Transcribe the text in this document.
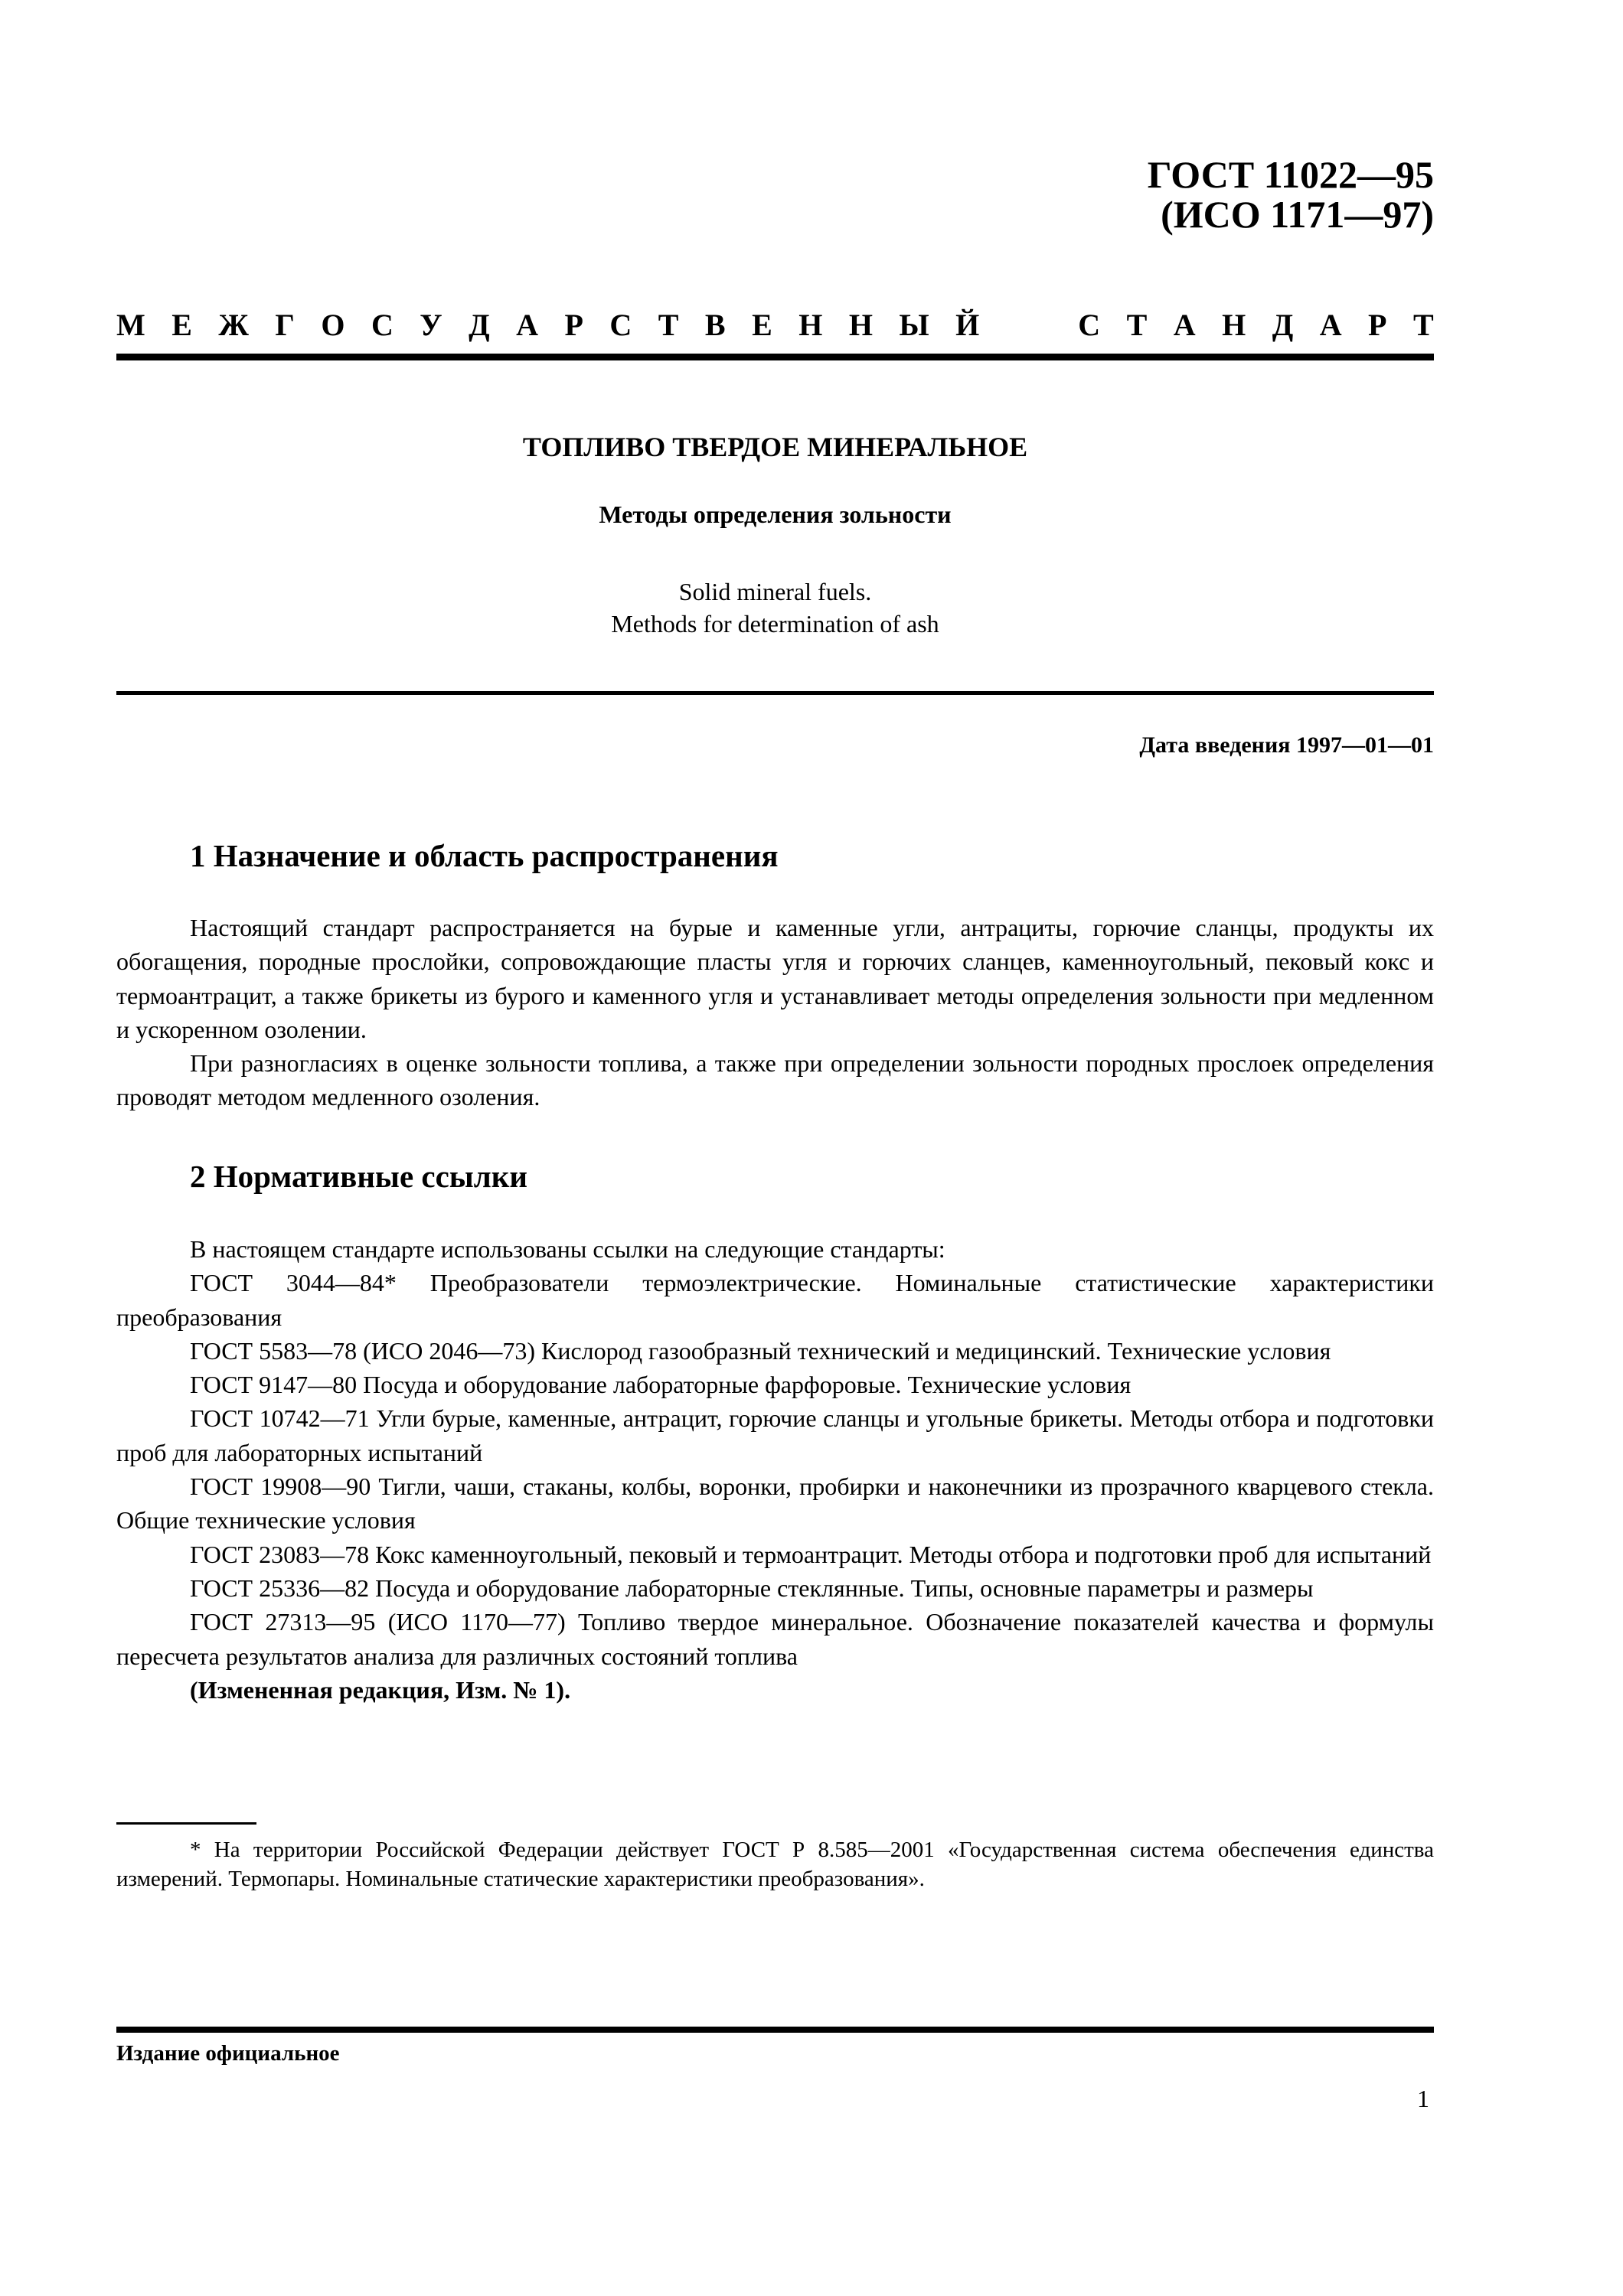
ГОСТ 11022—95
(ИСО 1171—97)
М Е Ж Г О С У Д А Р С Т В Е Н Н Ы Й	С Т А Н Д А Р Т
ТОПЛИВО ТВЕРДОЕ МИНЕРАЛЬНОЕ
Методы определения зольности
Solid mineral fuels.
Methods for determination of ash
Дата введения 1997—01—01
1 Назначение и область распространения

Настоящий стандарт распространяется на бурые и каменные угли, антрациты, горючие сланцы, продукты их обогащения, породные прослойки, сопровождающие пласты угля и горючих сланцев, каменноугольный, пековый кокс и термоантрацит, а также брикеты из бурого и каменного угля и устанавливает методы определения зольности при медленном и ускоренном озолении.

При разногласиях в оценке зольности топлива, а также при определении зольности породных прослоек определения проводят методом медленного озоления.

2 Нормативные ссылки

В настоящем стандарте использованы ссылки на следующие стандарты:

ГОСТ 3044—84* Преобразователи термоэлектрические. Номинальные статистические характеристики преобразования

ГОСТ 5583—78 (ИСО 2046—73) Кислород газообразный технический и медицинский. Технические условия

ГОСТ 9147—80 Посуда и оборудование лабораторные фарфоровые. Технические условия

ГОСТ 10742—71 Угли бурые, каменные, антрацит, горючие сланцы и угольные брикеты. Методы отбора и подготовки проб для лабораторных испытаний

ГОСТ 19908—90 Тигли, чаши, стаканы, колбы, воронки, пробирки и наконечники из прозрачного кварцевого стекла. Общие технические условия

ГОСТ 23083—78 Кокс каменноугольный, пековый и термоантрацит. Методы отбора и подготовки проб для испытаний

ГОСТ 25336—82 Посуда и оборудование лабораторные стеклянные. Типы, основные параметры и размеры

ГОСТ 27313—95 (ИСО 1170—77) Топливо твердое минеральное. Обозначение показателей качества и формулы пересчета результатов анализа для различных состояний топлива

(Измененная редакция, Изм. № 1).

* На территории Российской Федерации действует ГОСТ Р 8.585—2001 «Государственная система обеспечения единства измерений. Термопары. Номинальные статические характеристики преобразования».

Издание официальное
1
